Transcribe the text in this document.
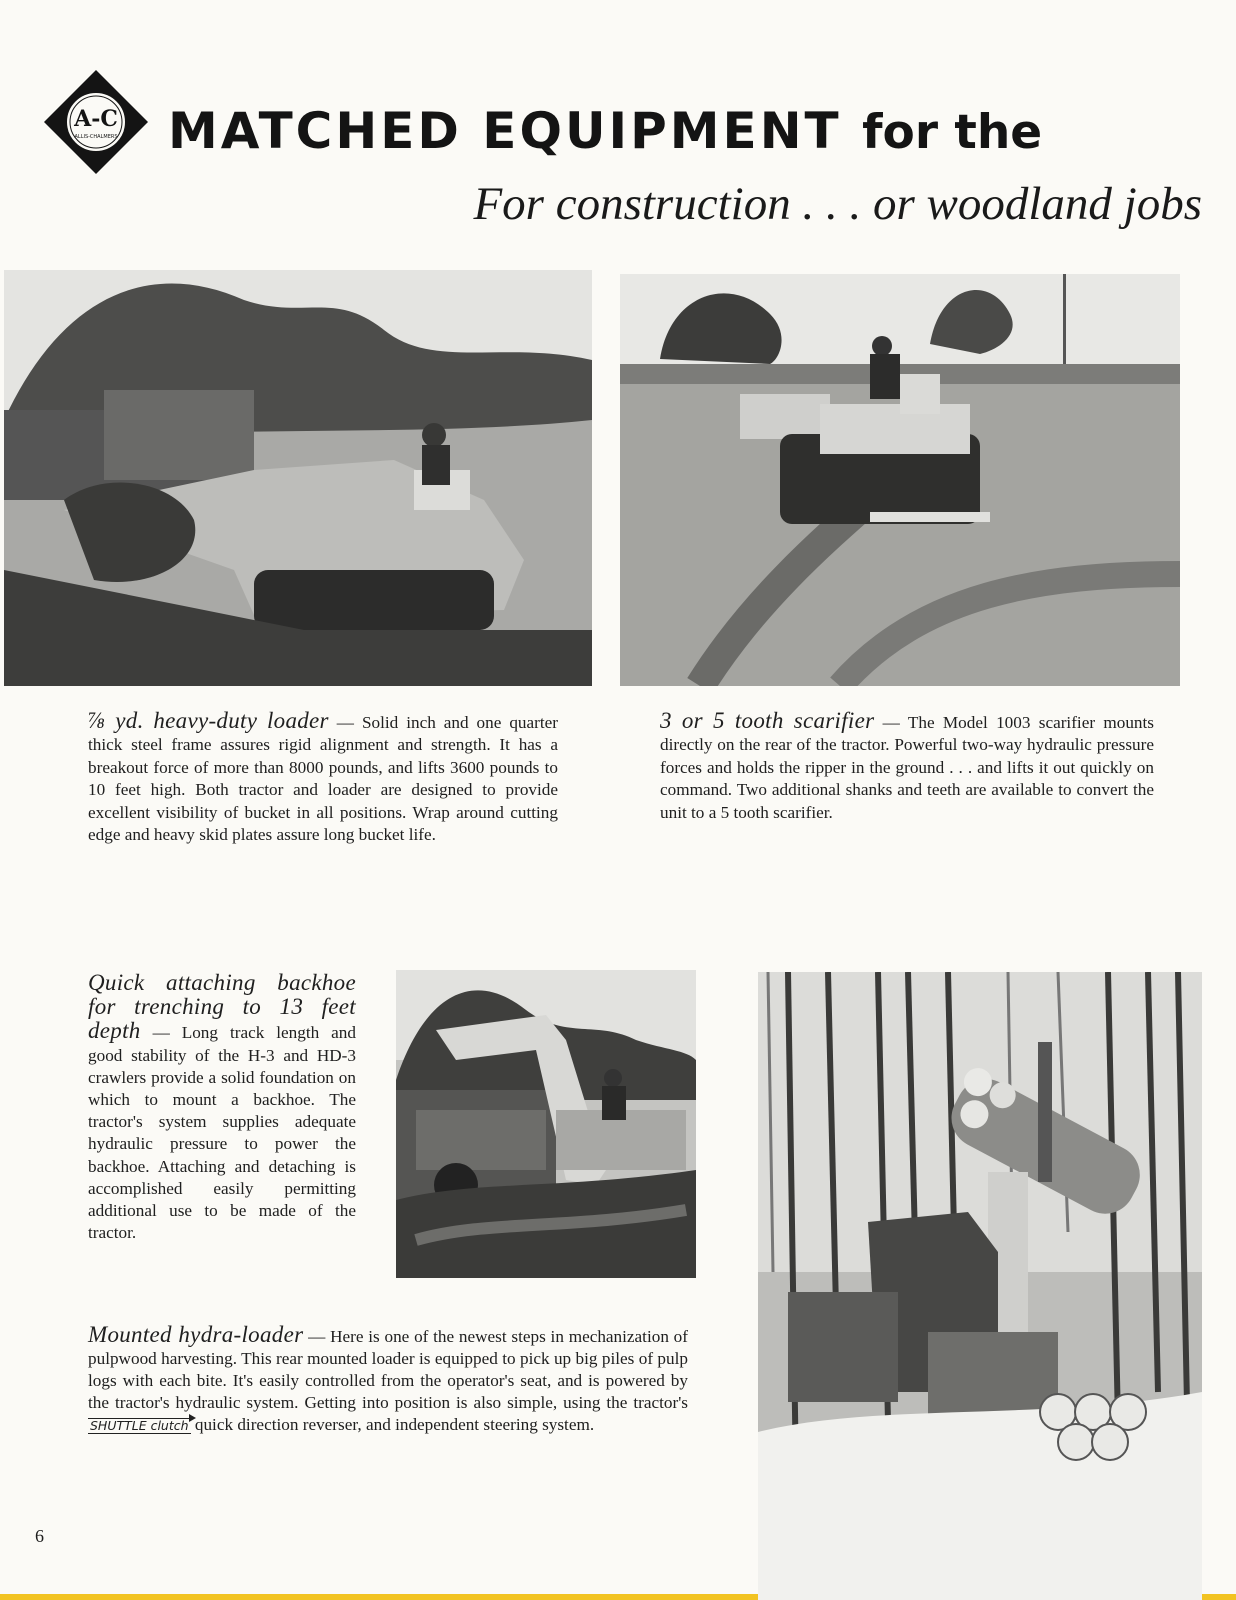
A-C
ALLIS-CHALMERS MATCHED EQUIPMENT for the

For construction . . . or woodland jobs

⅞ yd. heavy-duty loader — Solid inch and one quarter thick steel frame assures rigid alignment and strength. It has a breakout force of more than 8000 pounds, and lifts 3600 pounds to 10 feet high. Both tractor and loader are designed to provide excellent visibility of bucket in all positions. Wrap around cutting edge and heavy skid plates assure long bucket life.

3 or 5 tooth scarifier — The Model 1003 scarifier mounts directly on the rear of the tractor. Powerful two-way hydraulic pressure forces and holds the ripper in the ground . . . and lifts it out quickly on command. Two additional shanks and teeth are available to convert the unit to a 5 tooth scarifier.

Quick attaching backhoe for trenching to 13 feet depth — Long track length and good stability of the H-3 and HD-3 crawlers provide a solid foundation on which to mount a backhoe. The tractor's system supplies adequate hydraulic pressure to power the backhoe. Attaching and detaching is accomplished easily permitting additional use to be made of the tractor.

Mounted hydra-loader — Here is one of the newest steps in mechanization of pulpwood harvesting. This rear mounted loader is equipped to pick up big piles of pulp logs with each bite. It's easily controlled from the operator's seat, and is powered by the tractor's hydraulic system. Getting into position is also simple, using the tractor's SHUTTLE clutch quick direction reverser, and independent steering system.

6
